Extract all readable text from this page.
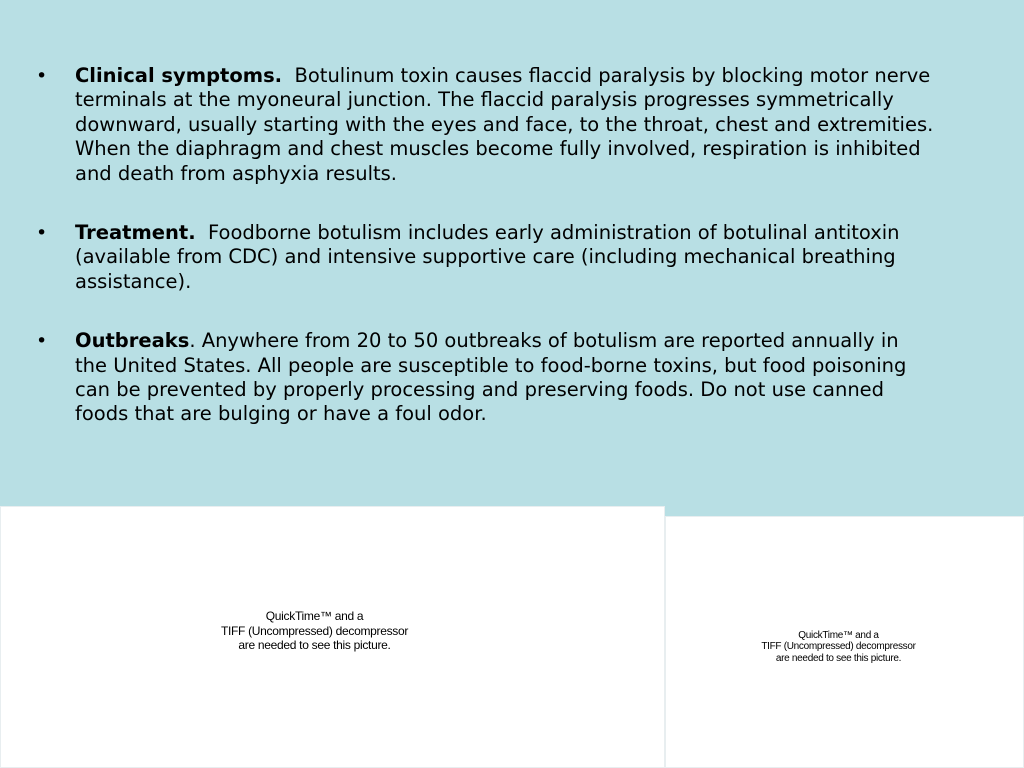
•	Clinical symptoms.  Botulinum toxin causes flaccid paralysis by blocking motor nerve terminals at the myoneural junction. The flaccid paralysis progresses symmetrically downward, usually starting with the eyes and face, to the throat, chest and extremities. When the diaphragm and chest muscles become fully involved, respiration is inhibited and death from asphyxia results.
•	Treatment.  Foodborne botulism includes early administration of botulinal antitoxin (available from CDC) and intensive supportive care (including mechanical breathing assistance).
•	Outbreaks. Anywhere from 20 to 50 outbreaks of botulism are reported annually in the United States. All people are susceptible to food-borne toxins, but food poisoning can be prevented by properly processing and preserving foods. Do not use canned foods that are bulging or have a foul odor.
QuickTime™ and a
TIFF (Uncompressed) decompressor
are needed to see this picture.
QuickTime™ and a
TIFF (Uncompressed) decompressor
are needed to see this picture.
